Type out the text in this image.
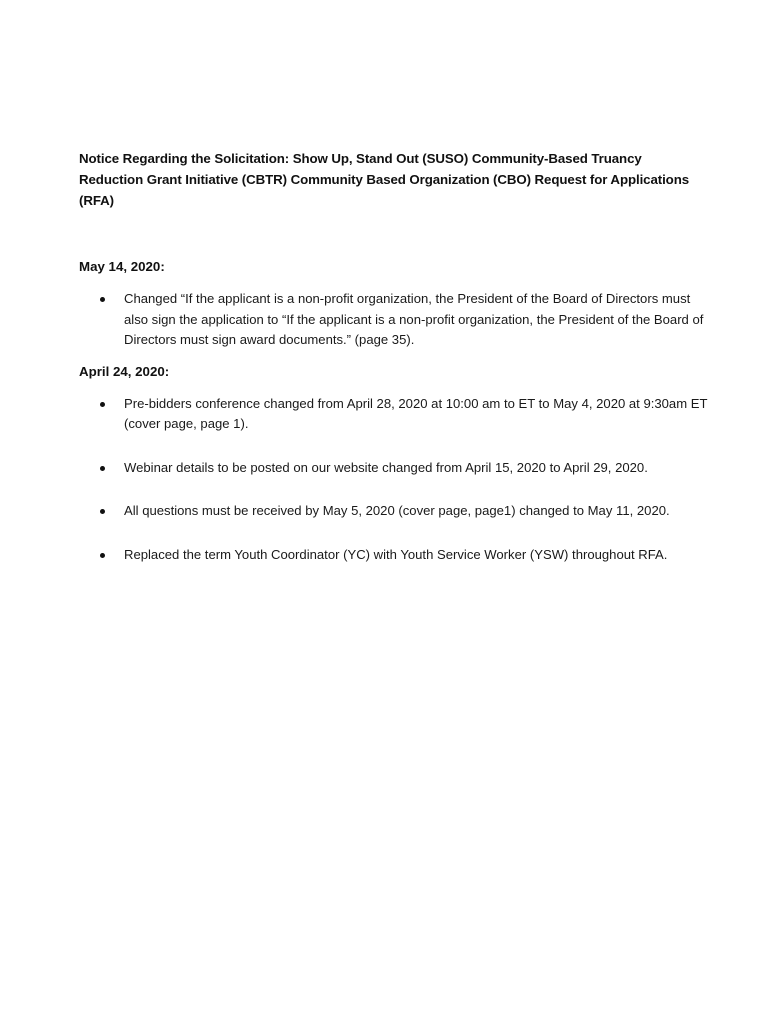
Notice Regarding the Solicitation: Show Up, Stand Out (SUSO) Community-Based Truancy Reduction Grant Initiative (CBTR) Community Based Organization (CBO) Request for Applications (RFA)

May 14, 2020:

Changed “If the applicant is a non-profit organization, the President of the Board of Directors must also sign the application to “If the applicant is a non-profit organization, the President of the Board of Directors must sign award documents.” (page 35).

April 24, 2020:

Pre-bidders conference changed from April 28, 2020 at 10:00 am to ET to May 4, 2020 at 9:30am ET (cover page, page 1).
Webinar details to be posted on our website changed from April 15, 2020 to April 29, 2020.
All questions must be received by May 5, 2020 (cover page, page1) changed to May 11, 2020.
Replaced the term Youth Coordinator (YC) with Youth Service Worker (YSW) throughout RFA.
